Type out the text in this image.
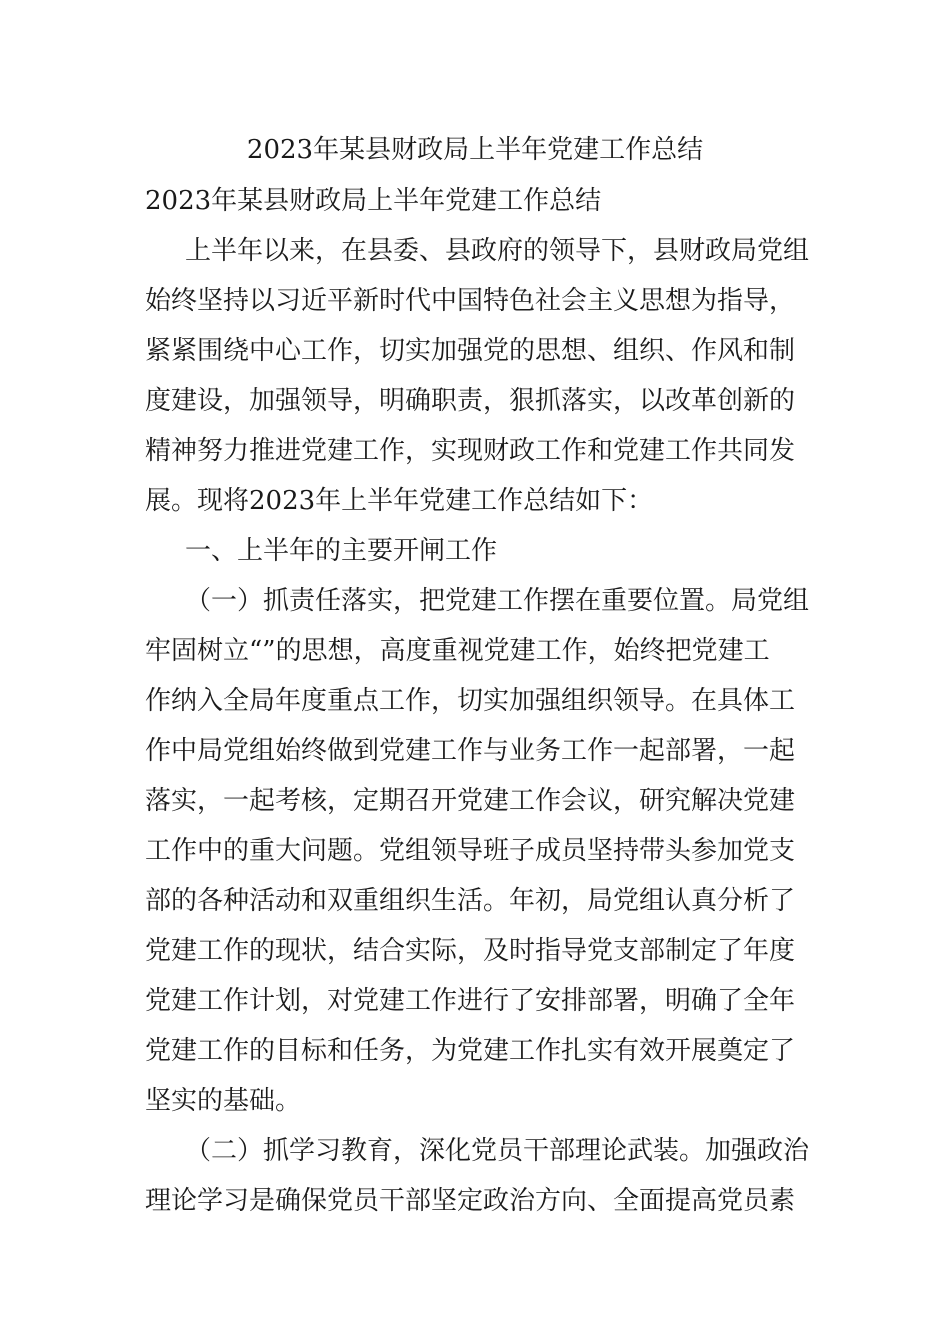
2023年某县财政局上半年党建工作总结
2023年某县财政局上半年党建工作总结
上半年以来，在县委、县政府的领导下，县财政局党组
始终坚持以习近平新时代中国特色社会主义思想为指导，
紧紧围绕中心工作，切实加强党的思想、组织、作风和制
度建设，加强领导，明确职责，狠抓落实，以改革创新的
精神努力推进党建工作，实现财政工作和党建工作共同发
展。现将2023年上半年党建工作总结如下：
一、上半年的主要开闸工作
（一）抓责任落实，把党建工作摆在重要位置。局党组
牢固树立“”的思想，高度重视党建工作，始终把党建工
作纳入全局年度重点工作，切实加强组织领导。在具体工
作中局党组始终做到党建工作与业务工作一起部署，一起
落实，一起考核，定期召开党建工作会议，研究解决党建
工作中的重大问题。党组领导班子成员坚持带头参加党支
部的各种活动和双重组织生活。年初，局党组认真分析了
党建工作的现状，结合实际，及时指导党支部制定了年度
党建工作计划，对党建工作进行了安排部署，明确了全年
党建工作的目标和任务，为党建工作扎实有效开展奠定了
坚实的基础。
（二）抓学习教育，深化党员干部理论武装。加强政治
理论学习是确保党员干部坚定政治方向、全面提高党员素
